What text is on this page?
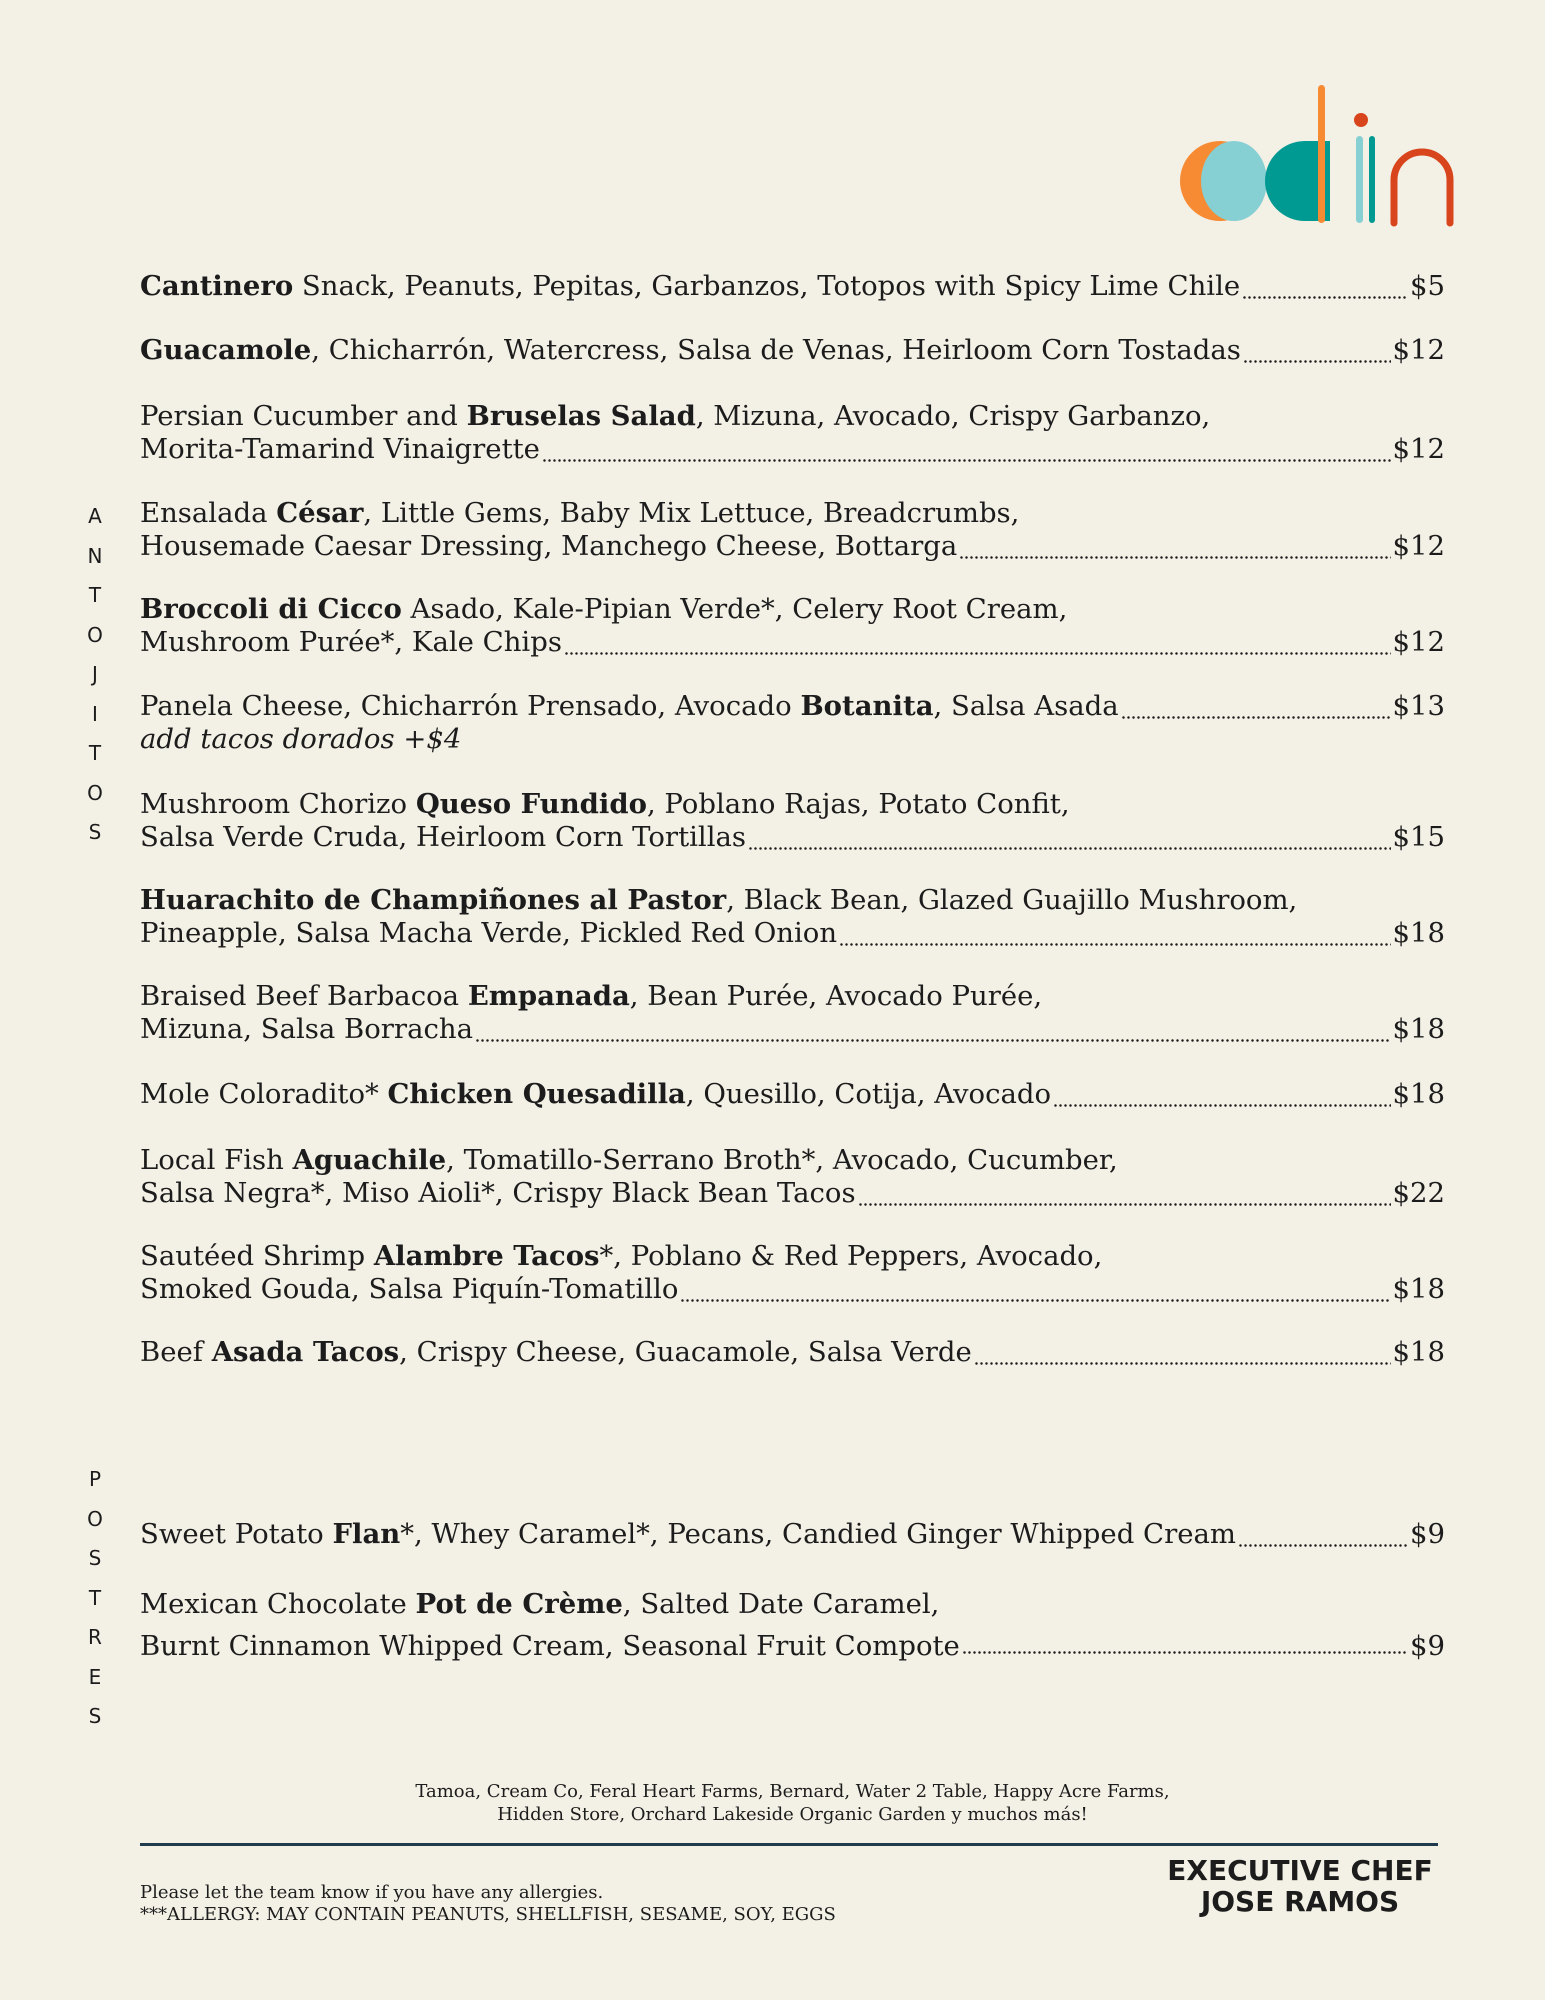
A
N
T
O
J
I
T
O
S
P
O
S
T
R
E
S
Cantinero Snack, Peanuts, Pepitas, Garbanzos, Totopos with Spicy Lime Chile	$5
Guacamole, Chicharrón, Watercress, Salsa de Venas, Heirloom Corn Tostadas	$12
Persian Cucumber and Bruselas Salad, Mizuna, Avocado, Crispy Garbanzo,
Morita-Tamarind Vinaigrette	$12
Ensalada César, Little Gems, Baby Mix Lettuce, Breadcrumbs,
Housemade Caesar Dressing, Manchego Cheese, Bottarga	$12
Broccoli di Cicco Asado, Kale-Pipian Verde*, Celery Root Cream,
Mushroom Purée*, Kale Chips	$12
Panela Cheese, Chicharrón Prensado, Avocado Botanita, Salsa Asada	$13
add tacos dorados +$4
Mushroom Chorizo Queso Fundido, Poblano Rajas, Potato Confit,
Salsa Verde Cruda, Heirloom Corn Tortillas	$15
Huarachito de Champiñones al Pastor, Black Bean, Glazed Guajillo Mushroom,
Pineapple, Salsa Macha Verde, Pickled Red Onion	$18
Braised Beef Barbacoa Empanada, Bean Purée, Avocado Purée,
Mizuna, Salsa Borracha	$18
Mole Coloradito* Chicken Quesadilla, Quesillo, Cotija, Avocado	$18
Local Fish Aguachile, Tomatillo-Serrano Broth*, Avocado, Cucumber,
Salsa Negra*, Miso Aioli*, Crispy Black Bean Tacos	$22
Sautéed Shrimp Alambre Tacos*, Poblano & Red Peppers, Avocado,
Smoked Gouda, Salsa Piquín-Tomatillo	$18
Beef Asada Tacos, Crispy Cheese, Guacamole, Salsa Verde	$18
Sweet Potato Flan*, Whey Caramel*, Pecans, Candied Ginger Whipped Cream	$9
Mexican Chocolate Pot de Crème, Salted Date Caramel,
Burnt Cinnamon Whipped Cream, Seasonal Fruit Compote	$9
Tamoa, Cream Co, Feral Heart Farms, Bernard, Water 2 Table, Happy Acre Farms,
Hidden Store, Orchard Lakeside Organic Garden y muchos más!
Please let the team know if you have any allergies.
***ALLERGY: MAY CONTAIN PEANUTS, SHELLFISH, SESAME, SOY, EGGS
EXECUTIVE CHEF
JOSE RAMOS
